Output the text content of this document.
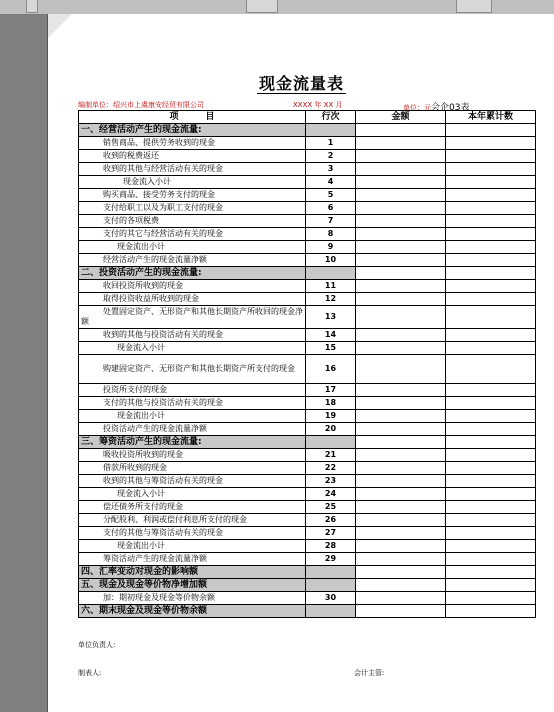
现金流量表
编制单位：绍兴市上虞康安经贸有限公司	XXXX 年 XX 月	单位：元会企03表
项　　　目	行次	金额	本年累计数
一、经营活动产生的现金流量:			
销售商品、提供劳务收到的现金	1		
收到的税费返还	2		
收到的其他与经营活动有关的现金	3		
现金流入小计	4		
购买商品、接受劳务支付的现金	5		
支付给职工以及为职工支付的现金	6		
支付的各项税费	7		
支付的其它与经营活动有关的现金	8		
现金流出小计	9		
经营活动产生的现金流量净额	10		
二、投资活动产生的现金流量:			
收回投资所收到的现金	11		
取得投资收益所收到的现金	12		
处置固定资产、无形资产和其他长期资产所收回的现金净额	13		
收到的其他与投资活动有关的现金	14		
现金流入小计	15		
购建固定资产、无形资产和其他长期资产所支付的现金	16		
投资所支付的现金	17		
支付的其他与投资活动有关的现金	18		
现金流出小计	19		
投资活动产生的现金流量净额	20		
三、筹资活动产生的现金流量:			
吸收投资所收到的现金	21		
借款所收到的现金	22		
收到的其他与筹资活动有关的现金	23		
现金流入小计	24		
偿还债务所支付的现金	25		
分配股利、利润或偿付利息所支付的现金	26		
支付的其他与筹资活动有关的现金	27		
现金流出小计	28		
筹资活动产生的现金流量净额	29		
四、汇率变动对现金的影响额			
五、现金及现金等价物净增加额			
加：期初现金及现金等价物余额	30		
六、期末现金及现金等价物余额			
单位负责人:
制表人:	会计主管:
